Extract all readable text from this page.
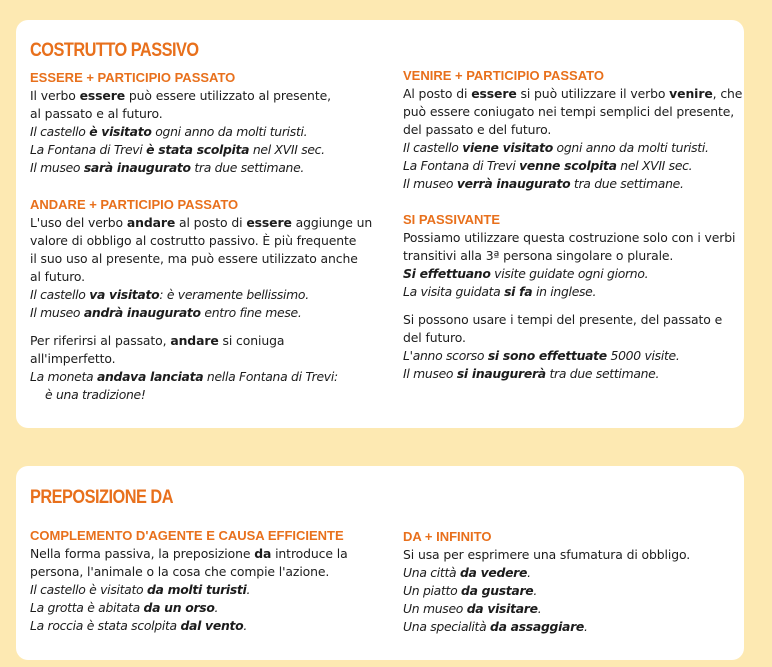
COSTRUTTO PASSIVO
ESSERE + PARTICIPIO PASSATO
Il verbo essere può essere utilizzato al presente,
al passato e al futuro.
Il castello è visitato ogni anno da molti turisti.
La Fontana di Trevi è stata scolpita nel XVII sec.
Il museo sarà inaugurato tra due settimane.
ANDARE + PARTICIPIO PASSATO
L'uso del verbo andare al posto di essere aggiunge un
valore di obbligo al costrutto passivo. È più frequente
il suo uso al presente, ma può essere utilizzato anche
al futuro.
Il castello va visitato: è veramente bellissimo.
Il museo andrà inaugurato entro fine mese.
Per riferirsi al passato, andare si coniuga
all'imperfetto.
La moneta andava lanciata nella Fontana di Trevi:
è una tradizione!
VENIRE + PARTICIPIO PASSATO
Al posto di essere si può utilizzare il verbo venire, che
può essere coniugato nei tempi semplici del presente,
del passato e del futuro.
Il castello viene visitato ogni anno da molti turisti.
La Fontana di Trevi venne scolpita nel XVII sec.
Il museo verrà inaugurato tra due settimane.
SI PASSIVANTE
Possiamo utilizzare questa costruzione solo con i verbi
transitivi alla 3ª persona singolare o plurale.
Si effettuano visite guidate ogni giorno.
La visita guidata si fa in inglese.
Si possono usare i tempi del presente, del passato e
del futuro.
L'anno scorso si sono effettuate 5000 visite.
Il museo si inaugurerà tra due settimane.
PREPOSIZIONE DA
COMPLEMENTO D'AGENTE E CAUSA EFFICIENTE
Nella forma passiva, la preposizione da introduce la
persona, l'animale o la cosa che compie l'azione.
Il castello è visitato da molti turisti.
La grotta è abitata da un orso.
La roccia è stata scolpita dal vento.
DA + INFINITO
Si usa per esprimere una sfumatura di obbligo.
Una città da vedere.
Un piatto da gustare.
Un museo da visitare.
Una specialità da assaggiare.
